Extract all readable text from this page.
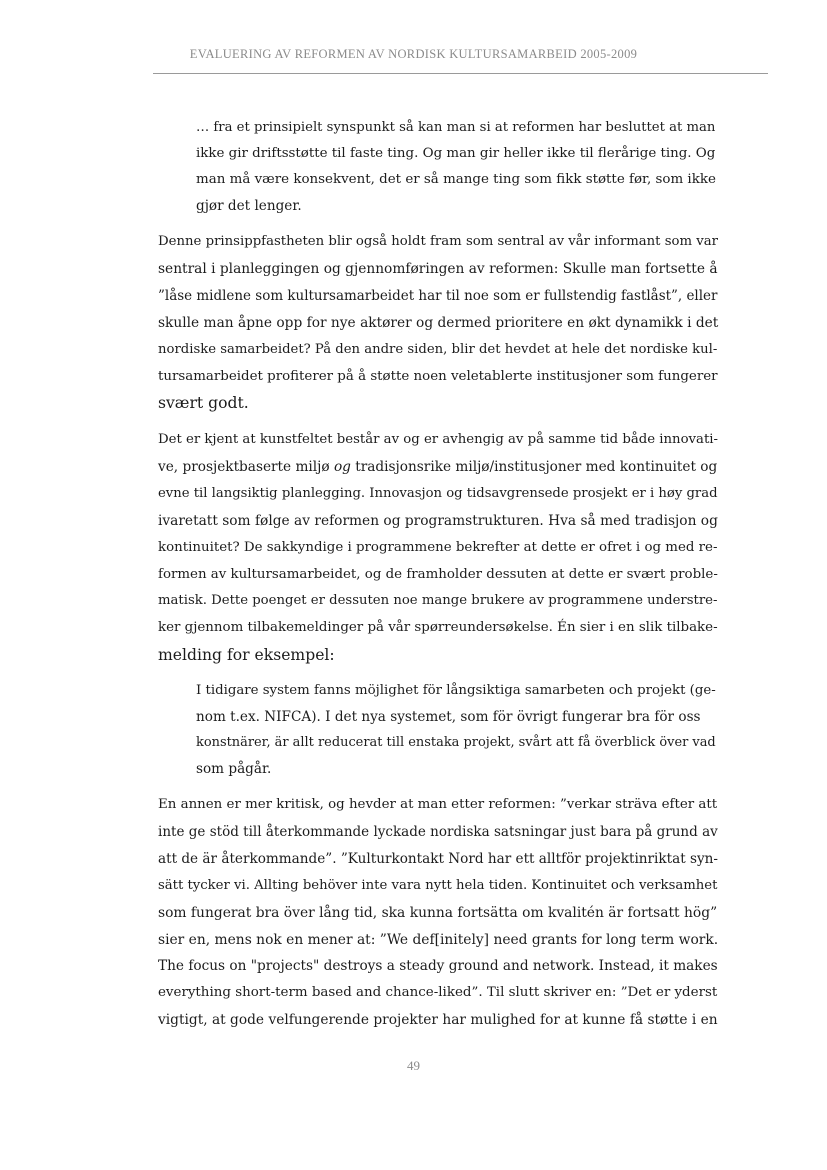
EVALUERING AV REFORMEN AV NORDISK KULTURSAMARBEID 2005-2009
… fra et prinsipielt synspunkt så kan man si at reformen har besluttet at man
ikke gir driftsstøtte til faste ting. Og man gir heller ikke til flerårige ting. Og
man må være konsekvent, det er så mange ting som fikk støtte før, som ikke
gjør det lenger.
Denne prinsippfastheten blir også holdt fram som sentral av vår informant som var
sentral i planleggingen og gjennomføringen av reformen: Skulle man fortsette å
”låse midlene som kultursamarbeidet har til noe som er fullstendig fastlåst”, eller
skulle man åpne opp for nye aktører og dermed prioritere en økt dynamikk i det
nordiske samarbeidet? På den andre siden, blir det hevdet at hele det nordiske kul-
tursamarbeidet profiterer på å støtte noen veletablerte institusjoner som fungerer
svært godt.
Det er kjent at kunstfeltet består av og er avhengig av på samme tid både innovati-
ve, prosjektbaserte miljø og tradisjonsrike miljø/institusjoner med kontinuitet og
evne til langsiktig planlegging. Innovasjon og tidsavgrensede prosjekt er i høy grad
ivaretatt som følge av reformen og programstrukturen. Hva så med tradisjon og
kontinuitet? De sakkyndige i programmene bekrefter at dette er ofret i og med re-
formen av kultursamarbeidet, og de framholder dessuten at dette er svært proble-
matisk. Dette poenget er dessuten noe mange brukere av programmene understre-
ker gjennom tilbakemeldinger på vår spørreundersøkelse. Én sier i en slik tilbake-
melding for eksempel:
I tidigare system fanns möjlighet för långsiktiga samarbeten och projekt (ge-
nom t.ex. NIFCA). I det nya systemet, som för övrigt fungerar bra för oss
konstnärer, är allt reducerat till enstaka projekt, svårt att få överblick över vad
som pågår.
En annen er mer kritisk, og hevder at man etter reformen: ”verkar sträva efter att
inte ge stöd till återkommande lyckade nordiska satsningar just bara på grund av
att de är återkommande”. ”Kulturkontakt Nord har ett alltför projektinriktat syn-
sätt tycker vi. Allting behöver inte vara nytt hela tiden. Kontinuitet och verksamhet
som fungerat bra över lång tid, ska kunna fortsätta om kvalitén är fortsatt hög”
sier en, mens nok en mener at: ”We def[initely] need grants for long term work.
The focus on "projects" destroys a steady ground and network. Instead, it makes
everything short-term based and chance-liked”. Til slutt skriver en: ”Det er yderst
vigtigt, at gode velfungerende projekter har mulighed for at kunne få støtte i en
49
